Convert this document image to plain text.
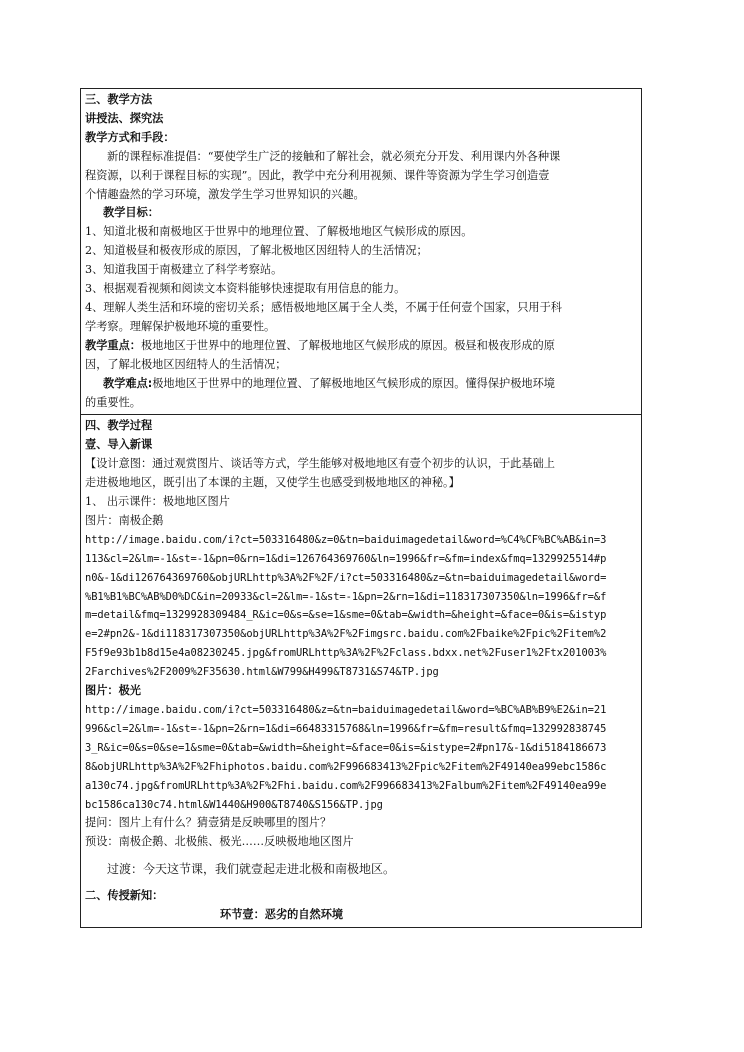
三、教学方法
讲授法、探究法
教学方式和手段：
新的课程标准提倡：“要使学生广泛的接触和了解社会，就必须充分开发、利用课内外各种课
程资源，以利于课程目标的实现”。因此，教学中充分利用视频、课件等资源为学生学习创造壹
个情趣盎然的学习环境，激发学生学习世界知识的兴趣。
教学目标：
1、知道北极和南极地区于世界中的地理位置、了解极地地区气候形成的原因。
2、知道极昼和极夜形成的原因，了解北极地区因纽特人的生活情况；
3、知道我国于南极建立了科学考察站。
3、根据观看视频和阅读文本资料能够快速提取有用信息的能力。
4、理解人类生活和环境的密切关系；感悟极地地区属于全人类，不属于任何壹个国家，只用于科
学考察。理解保护极地环境的重要性。
教学重点：极地地区于世界中的地理位置、了解极地地区气候形成的原因。极昼和极夜形成的原
因，了解北极地区因纽特人的生活情况；
教学难点:极地地区于世界中的地理位置、了解极地地区气候形成的原因。懂得保护极地环境
的重要性。
四、教学过程
壹、导入新课
【设计意图：通过观赏图片、谈话等方式，学生能够对极地地区有壹个初步的认识，于此基础上
走进极地地区，既引出了本课的主题，又使学生也感受到极地地区的神秘。】
1、 出示课件：极地地区图片
图片：南极企鹅
http://image.baidu.com/i?ct=503316480&z=0&tn=baiduimagedetail&word=%C4%CF%BC%AB&in=3
113&cl=2&lm=-1&st=-1&pn=0&rn=1&di=126764369760&ln=1996&fr=&fm=index&fmq=1329925514#p
n0&-1&di126764369760&objURLhttp%3A%2F%2F/i?ct=503316480&z=&tn=baiduimagedetail&word=
%B1%B1%BC%AB%D0%DC&in=20933&cl=2&lm=-1&st=-1&pn=2&rn=1&di=118317307350&ln=1996&fr=&f
m=detail&fmq=1329928309484_R&ic=0&s=&se=1&sme=0&tab=&width=&height=&face=0&is=&istyp
e=2#pn2&-1&di118317307350&objURLhttp%3A%2F%2Fimgsrc.baidu.com%2Fbaike%2Fpic%2Fitem%2
F5f9e93b1b8d15e4a08230245.jpg&fromURLhttp%3A%2F%2Fclass.bdxx.net%2Fuser1%2Ftx201003%
2Farchives%2F2009%2F35630.html&W799&H499&T8731&S74&TP.jpg
图片：极光
http://image.baidu.com/i?ct=503316480&z=&tn=baiduimagedetail&word=%BC%AB%B9%E2&in=21
996&cl=2&lm=-1&st=-1&pn=2&rn=1&di=66483315768&ln=1996&fr=&fm=result&fmq=132992838745
3_R&ic=0&s=0&se=1&sme=0&tab=&width=&height=&face=0&is=&istype=2#pn17&-1&di5184186673
8&objURLhttp%3A%2F%2Fhiphotos.baidu.com%2F996683413%2Fpic%2Fitem%2F49140ea99ebc1586c
a130c74.jpg&fromURLhttp%3A%2F%2Fhi.baidu.com%2F996683413%2Falbum%2Fitem%2F49140ea99e
bc1586ca130c74.html&W1440&H900&T8740&S156&TP.jpg
提问：图片上有什么？猜壹猜是反映哪里的图片？
预设：南极企鹅、北极熊、极光……反映极地地区图片
过渡：今天这节课，我们就壹起走进北极和南极地区。
二、传授新知：
环节壹：恶劣的自然环境
